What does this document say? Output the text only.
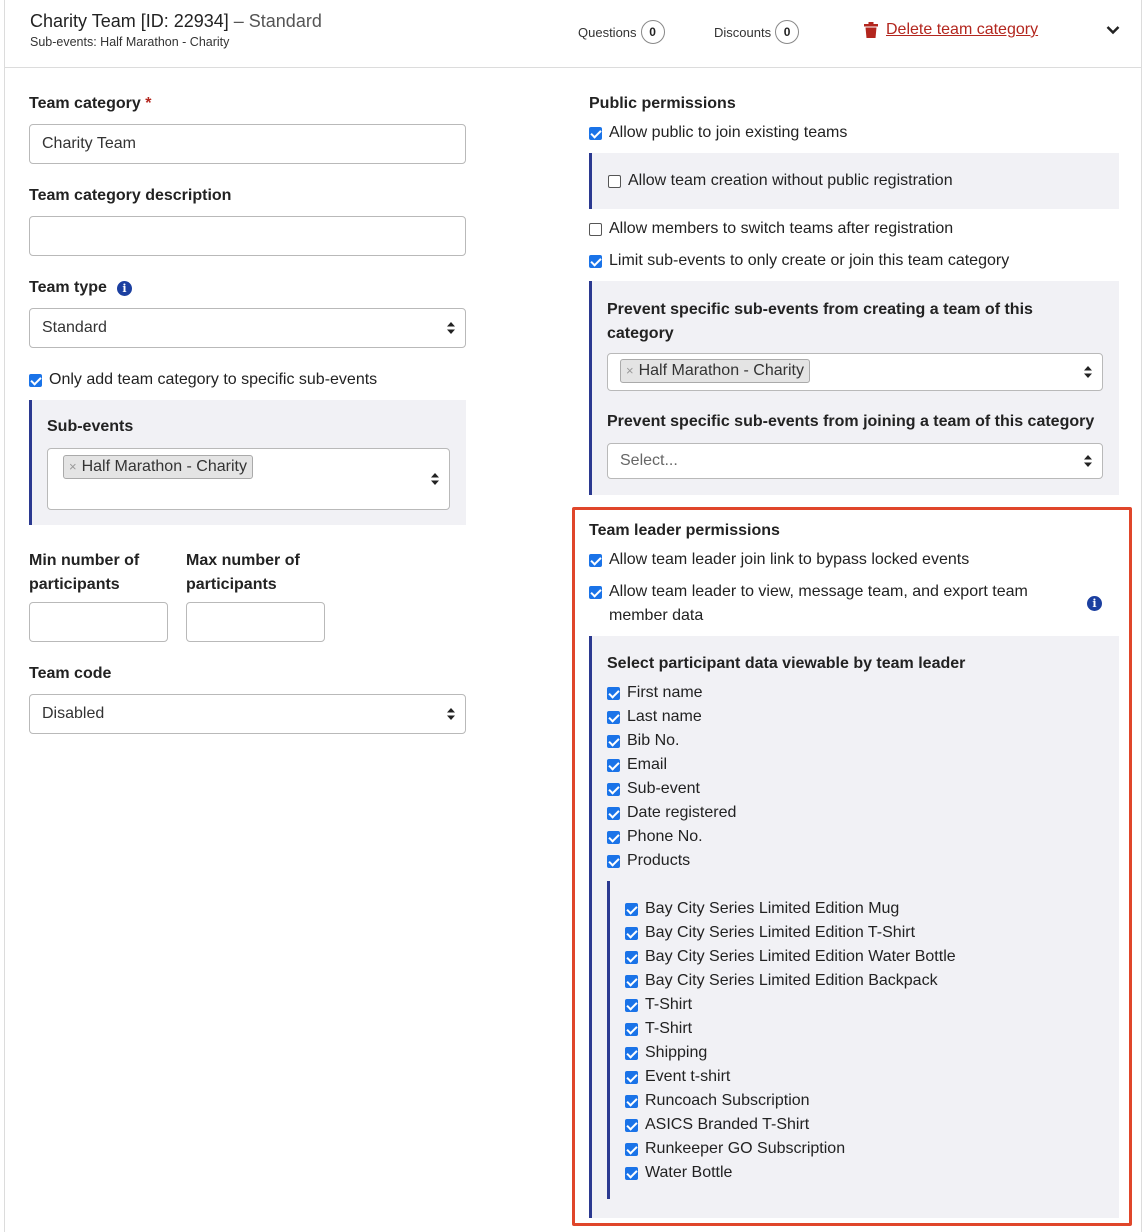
Charity Team [ID: 22934] – Standard
Sub-events: Half Marathon - Charity
Questions	0	Discounts	0	Delete team category
Team category *
Charity Team
Team category description
Team type	i
Standard
Only add team category to specific sub-events
Sub-events
× Half Marathon - Charity
Min number of
participants
Max number of
participants
Team code
Disabled
Public permissions
Allow public to join existing teams
Allow team creation without public registration
Allow members to switch teams after registration
Limit sub-events to only create or join this team category
Prevent specific sub-events from creating a team of this
category
× Half Marathon - Charity
Prevent specific sub-events from joining a team of this category
Select...
Team leader permissions
Allow team leader join link to bypass locked events
Allow team leader to view, message team, and export team
member data
i
Select participant data viewable by team leader
First name
Last name
Bib No.
Email
Sub-event
Date registered
Phone No.
Products
Bay City Series Limited Edition Mug
Bay City Series Limited Edition T-Shirt
Bay City Series Limited Edition Water Bottle
Bay City Series Limited Edition Backpack
T-Shirt
T-Shirt
Shipping
Event t-shirt
Runcoach Subscription
ASICS Branded T-Shirt
Runkeeper GO Subscription
Water Bottle
